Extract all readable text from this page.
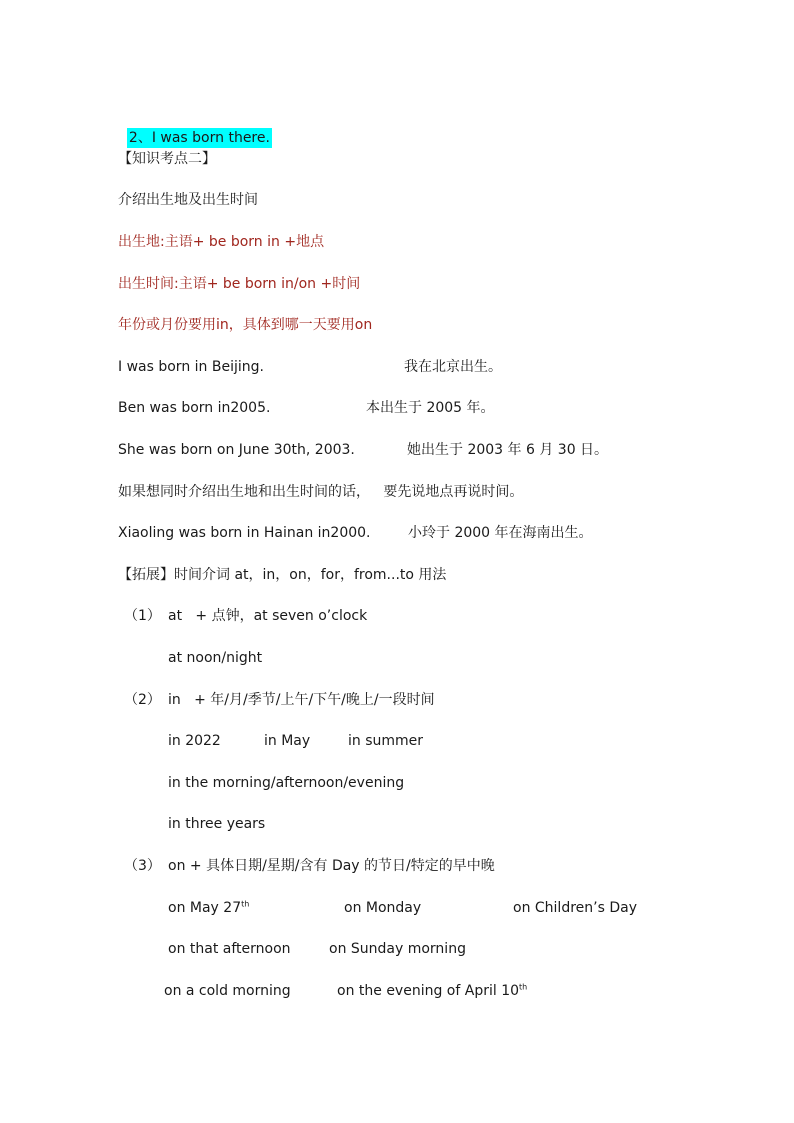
2、I was born there.

【知识考点二】
介绍出生地及出生时间
出生地:主语+ be born in +地点
出生时间:主语+ be born in/on +时间
年份或月份要用in，具体到哪一天要用on
I was born in Beijing.	我在北京出生。
Ben was born in2005.	本出生于 2005 年。
She was born on June 30th, 2003.	她出生于 2003 年 6 月 30 日。
如果想同时介绍出生地和出生时间的话，   要先说地点再说时间。
Xiaoling was born in Hainan in2000.	小玲于 2000 年在海南出生。
【拓展】时间介词 at，in，on，for，from...to 用法
（1） at   + 点钟，at seven o’clock
at noon/night
（2） in   + 年/月/季节/上午/下午/晚上/一段时间
in 2022	in May	in summer
in the morning/afternoon/evening
in three years
（3） on + 具体日期/星期/含有 Day 的节日/特定的早中晚
on May 27th	on Monday	on Children’s Day
on that afternoon	on Sunday morning
on a cold morning	on the evening of April 10th
